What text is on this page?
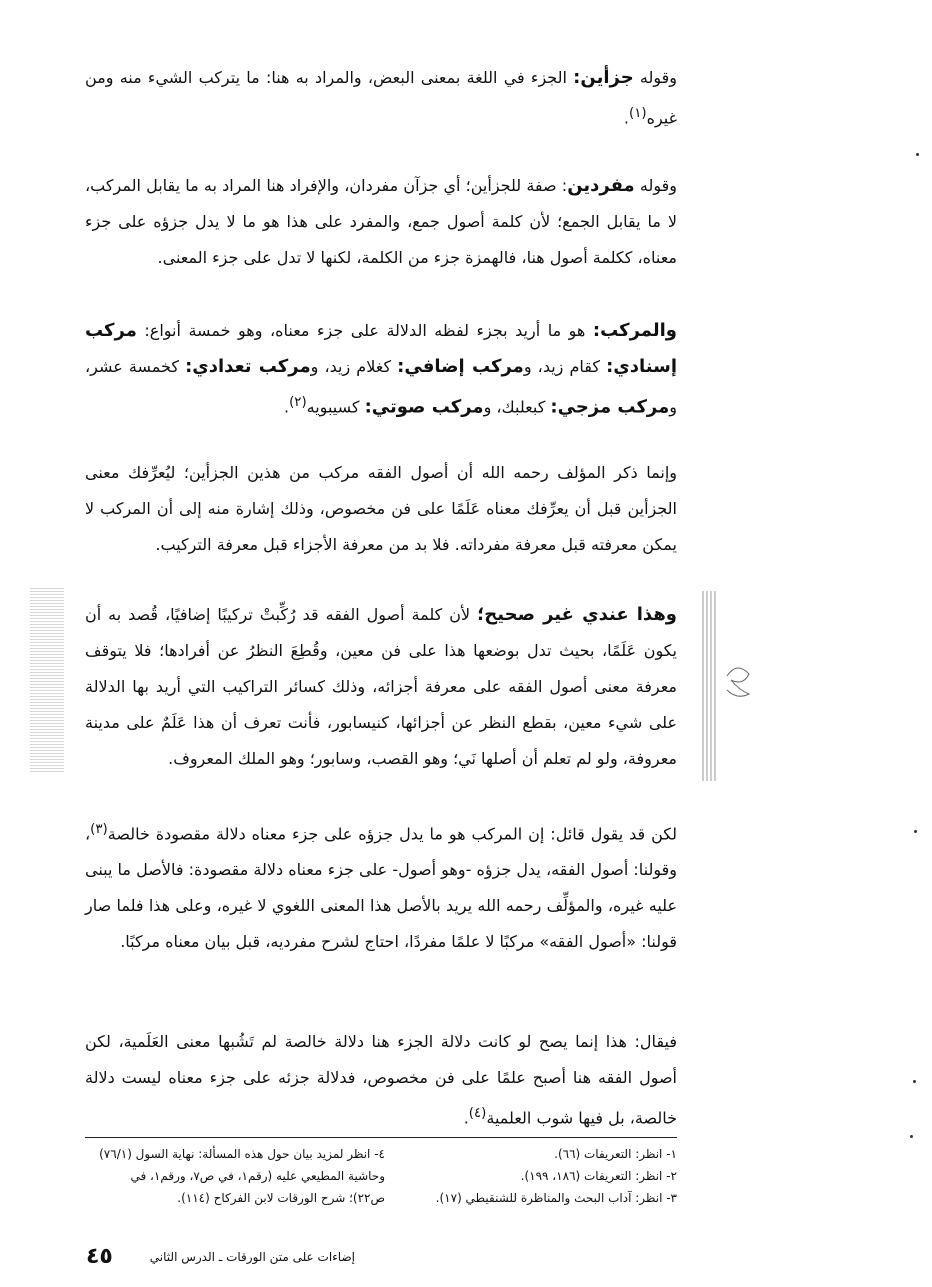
وقوله جزأين: الجزء في اللغة بمعنى البعض، والمراد به هنا: ما يتركب الشيء منه ومن غيره$^{(١)}$.

وقوله مفردين: صفة للجزأين؛ أي جزآن مفردان، والإفراد هنا المراد به ما يقابل المركب، لا ما يقابل الجمع؛ لأن كلمة أصول جمع، والمفرد على هذا هو ما لا يدل جزؤه على جزء معناه، ككلمة أصول هنا، فالهمزة جزء من الكلمة، لكنها لا تدل على جزء المعنى.

والمركب: هو ما أريد بجزء لفظه الدلالة على جزء معناه، وهو خمسة أنواع: مركب إسنادي: كقام زيد، ومركب إضافي: كغلام زيد، ومركب تعدادي: كخمسة عشر، ومركب مزجي: كبعلبك، ومركب صوتي: كسيبويه$^{(٢)}$.

وإنما ذكر المؤلف رحمه الله أن أصول الفقه مركب من هذين الجزأين؛ ليُعرِّفك معنى الجزأين قبل أن يعرِّفك معناه عَلَمًا على فن مخصوص، وذلك إشارة منه إلى أن المركب لا يمكن معرفته قبل معرفة مفرداته. فلا بد من معرفة الأجزاء قبل معرفة التركيب.

وهذا عندي غير صحيح؛ لأن كلمة أصول الفقه قد رُكِّبتْ تركيبًا إضافيًا، قُصد به أن يكون عَلَمًا، بحيث تدل بوضعها هذا على فن معين، وقُطِعَ النظرُ عن أفرادها؛ فلا يتوقف معرفة معنى أصول الفقه على معرفة أجزائه، وذلك كسائر التراكيب التي أريد بها الدلالة على شيء معين، بقطع النظر عن أجزائها، كنيسابور، فأنت تعرف أن هذا عَلَمٌ على مدينة معروفة، ولو لم تعلم أن أصلها نَي؛ وهو القصب، وسابور؛ وهو الملك المعروف.

لكن قد يقول قائل: إن المركب هو ما يدل جزؤه على جزء معناه دلالة مقصودة خالصة$^{(٣)}$، وقولنا: أصول الفقه، يدل جزؤه -وهو أصول- على جزء معناه دلالة مقصودة: فالأصل ما يبنى عليه غيره، والمؤلِّف رحمه الله يريد بالأصل هذا المعنى اللغوي لا غيره، وعلى هذا فلما صار قولنا: «أصول الفقه» مركبًا لا علمًا مفردًا، احتاج لشرح مفرديه، قبل بيان معناه مركبًا.

فيقال: هذا إنما يصح لو كانت دلالة الجزء هنا دلالة خالصة لم تَشُبها معنى العَلَمية، لكن أصول الفقه هنا أصبح علمًا على فن مخصوص، فدلالة جزئه على جزء معناه ليست دلالة خالصة، بل فيها شوب العلمية$^{(٤)}$.

١- انظر: التعريفات (٦٦).
٢- انظر: التعريفات (١٨٦، ١٩٩).
٣- انظر: آداب البحث والمناظرة للشنقيطي (١٧).
٤- انظر لمزيد بيان حول هذه المسألة: نهاية السول (٧٦/١)
وحاشية المطيعي عليه (رقم١، في ص٧، ورقم١، في
ص٢٢)؛ شرح الورقات لابن الفركاح (١١٤).
٤٥	إضاءات على متن الورقات ـ الدرس الثاني
